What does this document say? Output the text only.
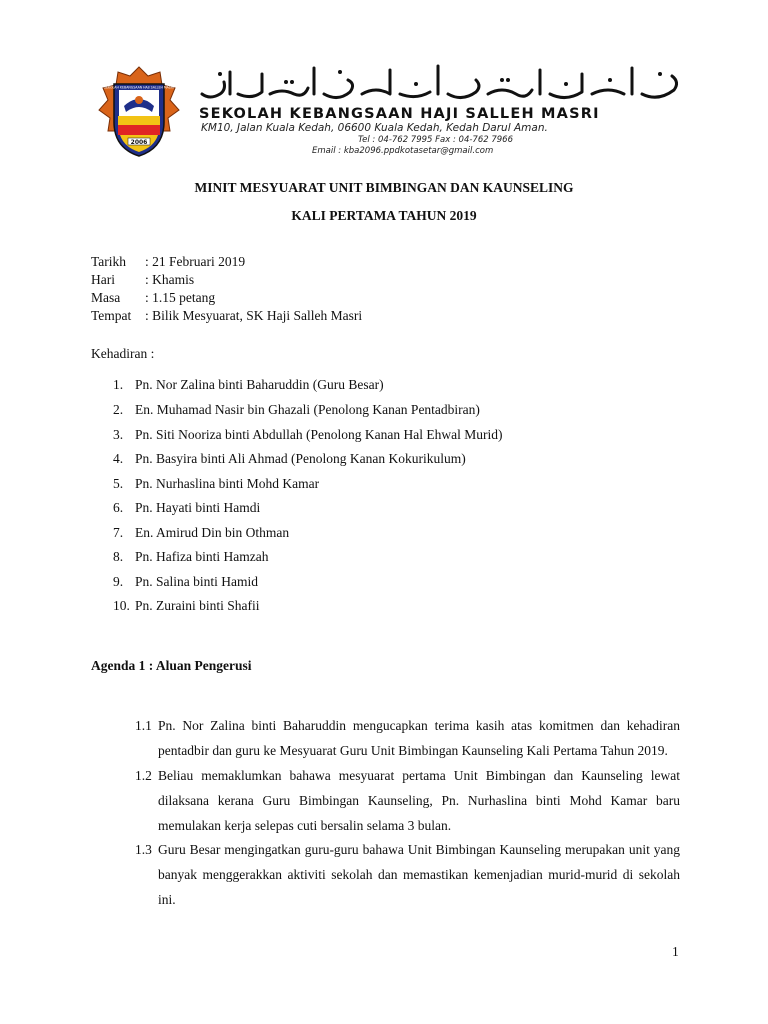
2006
SEKOLAH KEBANGSAAN HAJI SALLEH MASRI
SEKOLAH KEBANGSAAN HAJI SALLEH MASRI
KM10, Jalan Kuala Kedah, 06600 Kuala Kedah, Kedah Darul Aman.
Tel : 04-762 7995 Fax : 04-762 7966
Email : kba2096.ppdkotasetar@gmail.com
MINIT MESYUARAT UNIT BIMBINGAN DAN KAUNSELING
KALI PERTAMA TAHUN 2019
Tarikh : 21 Februari 2019
Hari : Khamis
Masa : 1.15 petang
Tempat : Bilik Mesyuarat, SK Haji Salleh Masri
Kehadiran :
1. Pn. Nor Zalina binti Baharuddin (Guru Besar)
2. En. Muhamad Nasir bin Ghazali (Penolong Kanan Pentadbiran)
3. Pn. Siti Nooriza binti Abdullah (Penolong Kanan Hal Ehwal Murid)
4. Pn. Basyira binti Ali Ahmad (Penolong Kanan Kokurikulum)
5. Pn. Nurhaslina binti Mohd Kamar
6. Pn. Hayati binti Hamdi
7. En. Amirud Din bin Othman
8. Pn. Hafiza binti Hamzah
9. Pn. Salina binti Hamid
10. Pn. Zuraini binti Shafii
Agenda 1 : Aluan Pengerusi
1.1 Pn. Nor Zalina binti Baharuddin mengucapkan terima kasih atas komitmen dan kehadiran pentadbir dan guru ke Mesyuarat Guru Unit Bimbingan Kaunseling Kali Pertama Tahun 2019.
1.2 Beliau memaklumkan bahawa mesyuarat pertama Unit Bimbingan dan Kaunseling lewat dilaksana kerana Guru Bimbingan Kaunseling, Pn. Nurhaslina binti Mohd Kamar baru memulakan kerja selepas cuti bersalin selama 3 bulan.
1.3 Guru Besar mengingatkan guru-guru bahawa Unit Bimbingan Kaunseling merupakan unit yang banyak menggerakkan aktiviti sekolah dan memastikan kemenjadian murid-murid di sekolah ini.
1
